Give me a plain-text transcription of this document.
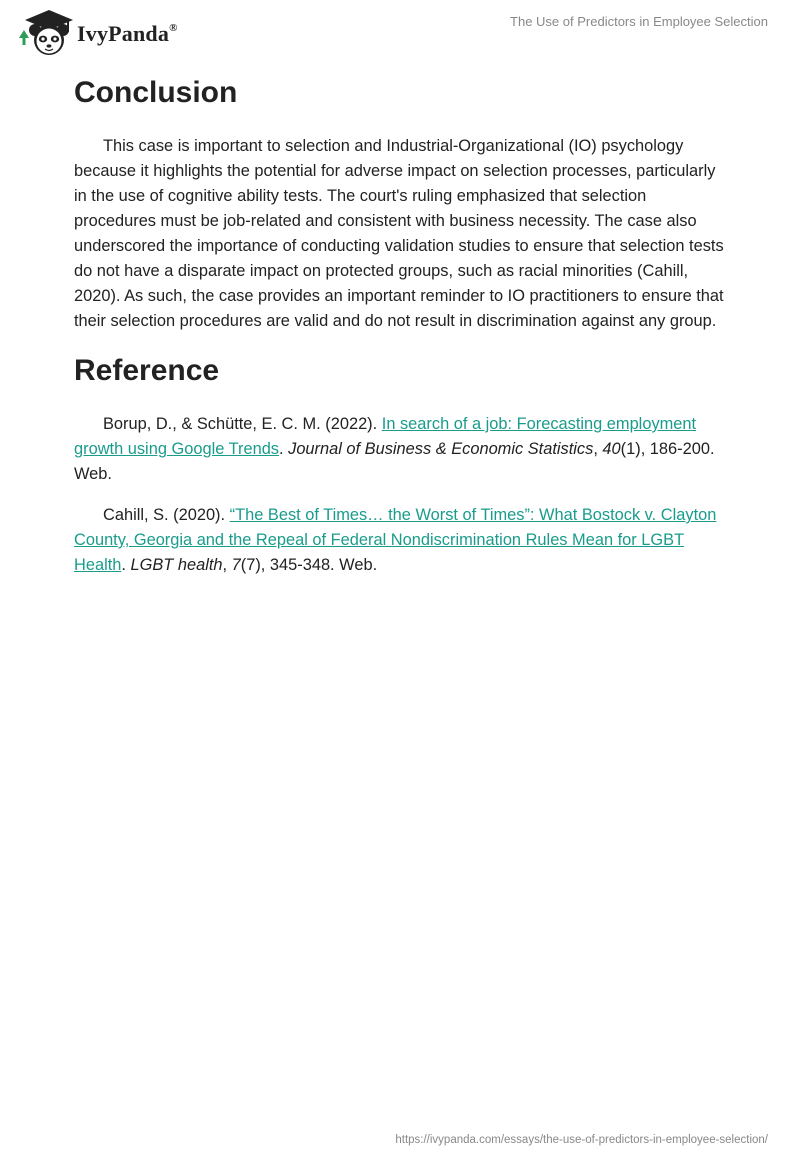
IvyPanda®	The Use of Predictors in Employee Selection
Conclusion

This case is important to selection and Industrial-Organizational (IO) psychology because it highlights the potential for adverse impact on selection processes, particularly in the use of cognitive ability tests. The court's ruling emphasized that selection procedures must be job-related and consistent with business necessity. The case also underscored the importance of conducting validation studies to ensure that selection tests do not have a disparate impact on protected groups, such as racial minorities (Cahill, 2020). As such, the case provides an important reminder to IO practitioners to ensure that their selection procedures are valid and do not result in discrimination against any group.

Reference

Borup, D., & Schütte, E. C. M. (2022). In search of a job: Forecasting employment growth using Google Trends. Journal of Business & Economic Statistics, 40(1), 186-200. Web.

Cahill, S. (2020). “The Best of Times… the Worst of Times”: What Bostock v. Clayton County, Georgia and the Repeal of Federal Nondiscrimination Rules Mean for LGBT Health. LGBT health, 7(7), 345-348. Web.

https://ivypanda.com/essays/the-use-of-predictors-in-employee-selection/
